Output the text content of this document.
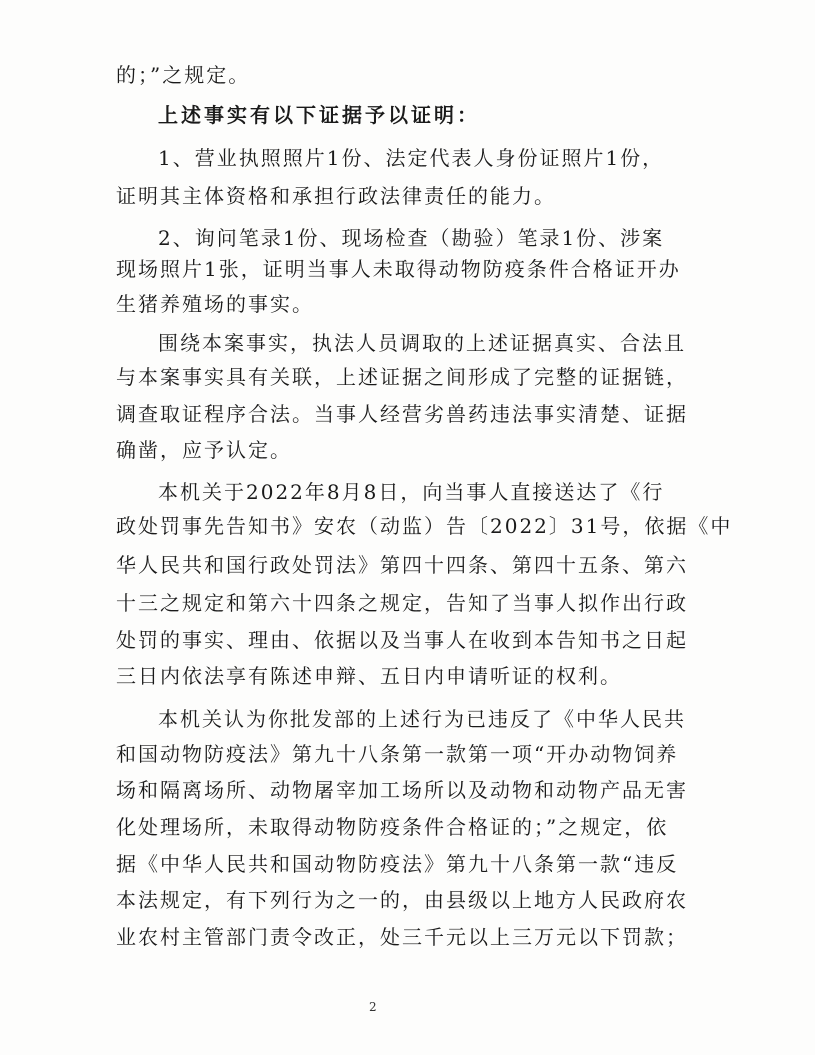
的；”之规定。
上述事实有以下证据予以证明：
1、营业执照照片1份、法定代表人身份证照片1份，
证明其主体资格和承担行政法律责任的能力。
2、询问笔录1份、现场检查（勘验）笔录1份、涉案
现场照片1张，证明当事人未取得动物防疫条件合格证开办
生猪养殖场的事实。
围绕本案事实，执法人员调取的上述证据真实、合法且
与本案事实具有关联，上述证据之间形成了完整的证据链，
调查取证程序合法。当事人经营劣兽药违法事实清楚、证据
确凿，应予认定。
本机关于2022年8月8日，向当事人直接送达了《行
政处罚事先告知书》安农（动监）告〔2022〕31号，依据《中
华人民共和国行政处罚法》第四十四条、第四十五条、第六
十三之规定和第六十四条之规定，告知了当事人拟作出行政
处罚的事实、理由、依据以及当事人在收到本告知书之日起
三日内依法享有陈述申辩、五日内申请听证的权利。
本机关认为你批发部的上述行为已违反了《中华人民共
和国动物防疫法》第九十八条第一款第一项“开办动物饲养
场和隔离场所、动物屠宰加工场所以及动物和动物产品无害
化处理场所，未取得动物防疫条件合格证的；”之规定，依
据《中华人民共和国动物防疫法》第九十八条第一款“违反
本法规定，有下列行为之一的，由县级以上地方人民政府农
业农村主管部门责令改正，处三千元以上三万元以下罚款；
2
